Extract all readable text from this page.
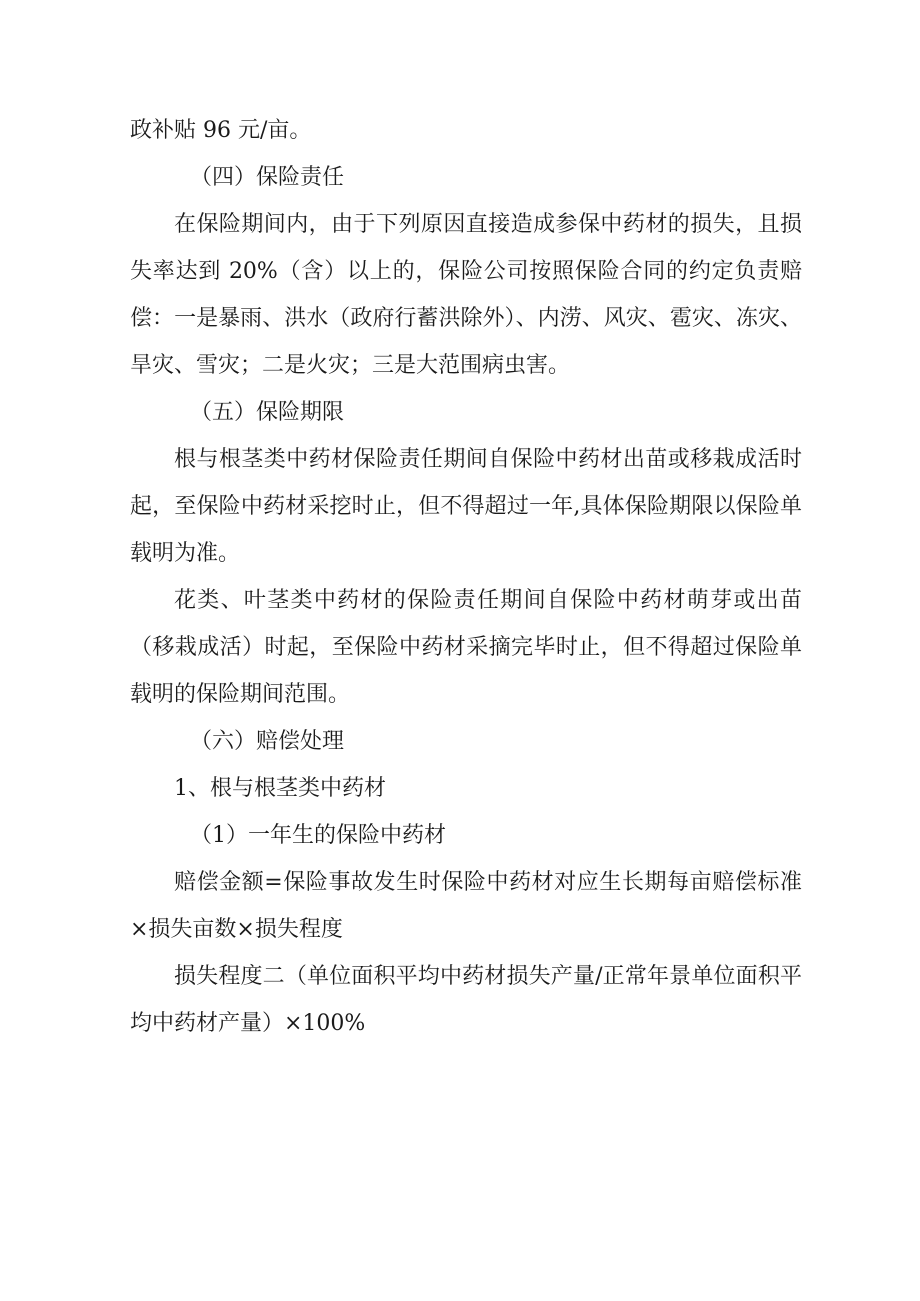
政补贴 96 元/亩。

（四）保险责任

在保险期间内，由于下列原因直接造成参保中药材的损失，且损失率达到 20%（含）以上的，保险公司按照保险合同的约定负责赔偿：一是暴雨、洪水（政府行蓄洪除外）、内涝、风灾、雹灾、冻灾、旱灾、雪灾；二是火灾；三是大范围病虫害。

（五）保险期限

根与根茎类中药材保险责任期间自保险中药材出苗或移栽成活时起，至保险中药材采挖时止，但不得超过一年,具体保险期限以保险单载明为准。

花类、叶茎类中药材的保险责任期间自保险中药材萌芽或出苗（移栽成活）时起，至保险中药材采摘完毕时止，但不得超过保险单载明的保险期间范围。

（六）赔偿处理

1、根与根茎类中药材

（1）一年生的保险中药材

赔偿金额=保险事故发生时保险中药材对应生长期每亩赔偿标准×损失亩数×损失程度

损失程度二（单位面积平均中药材损失产量/正常年景单位面积平均中药材产量）×100%
